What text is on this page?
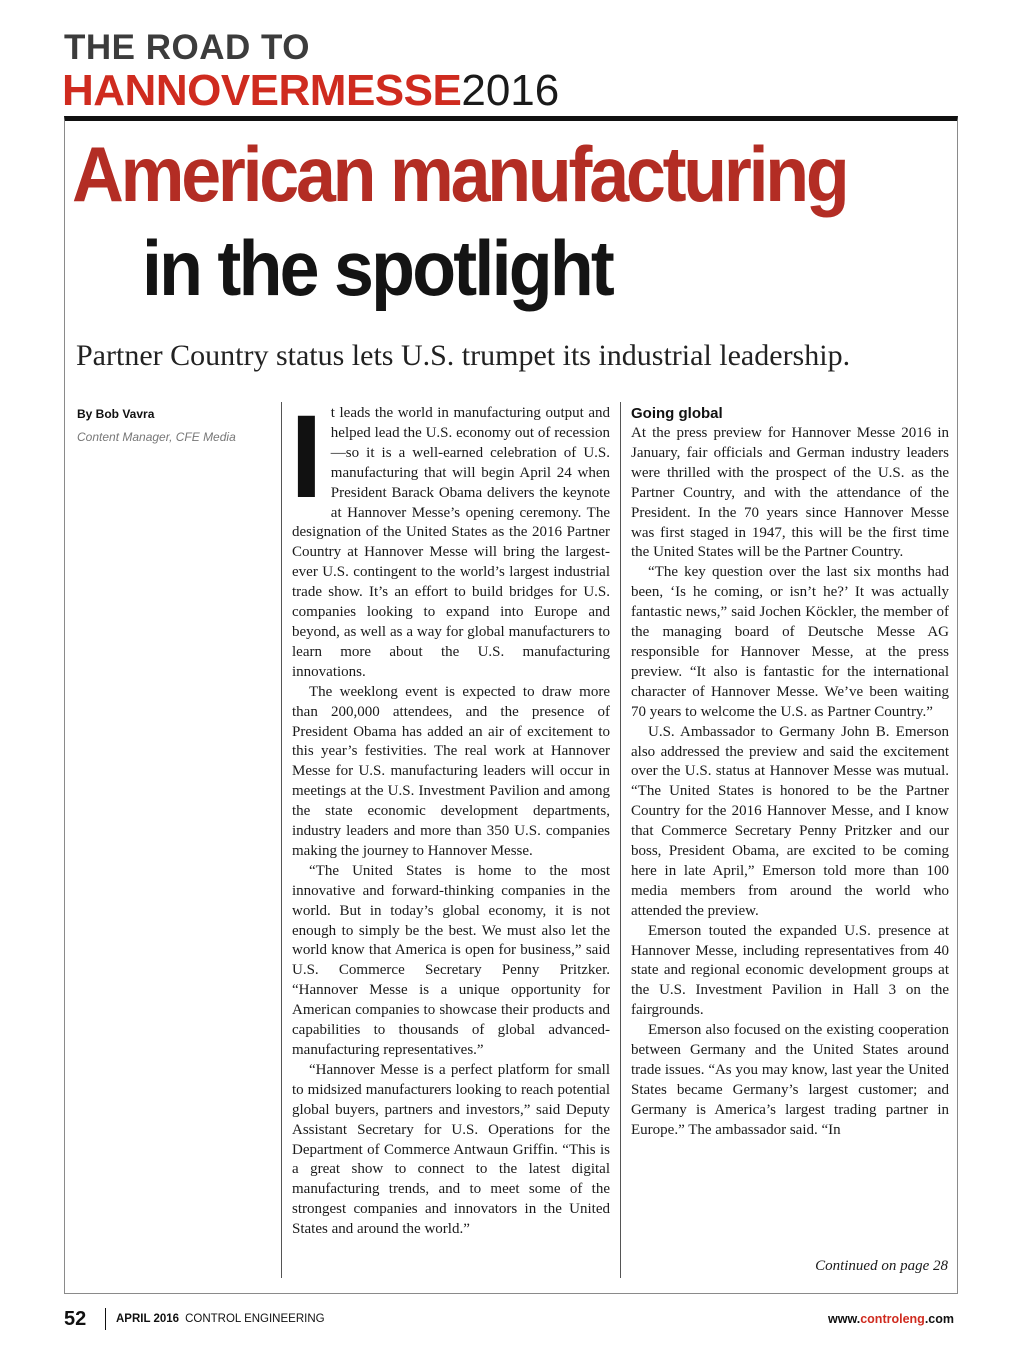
THE ROAD TO
HANNOVERMESSE2016
American manufacturing
in the spotlight
Partner Country status lets U.S. trumpet its industrial leadership.
By Bob Vavra
Content Manager, CFE Media It leads the world in manufacturing output and helped lead the U.S. economy out of recession—so it is a well-earned celebration of U.S. manufacturing that will begin April 24 when President Barack Obama delivers the keynote at Hannover Messe’s opening ceremony. The designation of the United States as the 2016 Partner Country at Hannover Messe will bring the largest-ever U.S. contingent to the world’s largest industrial trade show. It’s an effort to build bridges for U.S. companies looking to expand into Europe and beyond, as well as a way for global manufacturers to learn more about the U.S. manufacturing innovations.

The weeklong event is expected to draw more than 200,000 attendees, and the presence of President Obama has added an air of excitement to this year’s festivities. The real work at Hannover Messe for U.S. manufacturing leaders will occur in meetings at the U.S. Investment Pavilion and among the state economic development departments, industry leaders and more than 350 U.S. companies making the journey to Hannover Messe.

“The United States is home to the most innovative and forward-thinking companies in the world. But in today’s global economy, it is not enough to simply be the best. We must also let the world know that America is open for business,” said U.S. Commerce Secretary Penny Pritzker. “Hannover Messe is a unique opportunity for American companies to showcase their products and capabilities to thousands of global advanced-manufacturing representatives.”

“Hannover Messe is a perfect platform for small to midsized manufacturers looking to reach potential global buyers, partners and investors,” said Deputy Assistant Secretary for U.S. Operations for the Department of Commerce Antwaun Griffin. “This is a great show to connect to the latest digital manufacturing trends, and to meet some of the strongest companies and innovators in the United States and around the world.”

Going global

At the press preview for Hannover Messe 2016 in January, fair officials and German industry leaders were thrilled with the prospect of the U.S. as the Partner Country, and with the attendance of the President. In the 70 years since Hannover Messe was first staged in 1947, this will be the first time the United States will be the Partner Country.

“The key question over the last six months had been, ‘Is he coming, or isn’t he?’ It was actually fantastic news,” said Jochen Köckler, the member of the managing board of Deutsche Messe AG responsible for Hannover Messe, at the press preview. “It also is fantastic for the international character of Hannover Messe. We’ve been waiting 70 years to welcome the U.S. as Partner Country.”

U.S. Ambassador to Germany John B. Emerson also addressed the preview and said the excitement over the U.S. status at Hannover Messe was mutual. “The United States is honored to be the Partner Country for the 2016 Hannover Messe, and I know that Commerce Secretary Penny Pritzker and our boss, President Obama, are excited to be coming here in late April,” Emerson told more than 100 media members from around the world who attended the preview.

Emerson touted the expanded U.S. presence at Hannover Messe, including representatives from 40 state and regional economic development groups at the U.S. Investment Pavilion in Hall 3 on the fairgrounds.

Emerson also focused on the existing cooperation between Germany and the United States around trade issues. “As you may know, last year the United States became Germany’s largest customer; and Germany is America’s largest trading partner in Europe.” The ambassador said. “In

Continued on page 28
52	APRIL 2016 CONTROL ENGINEERING	www.controleng.com
